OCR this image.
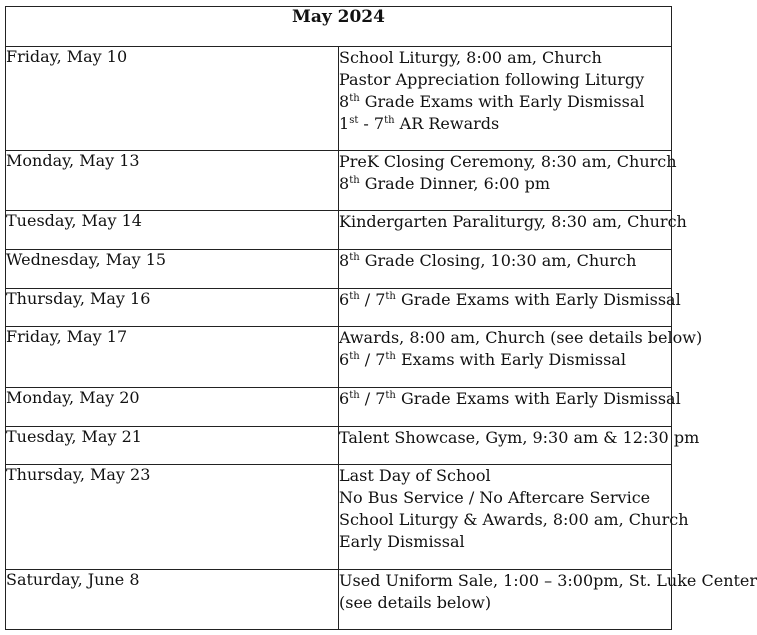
May 2024	
Friday, May 10	School Liturgy, 8:00 am, Church
Pastor Appreciation following Liturgy
8th Grade Exams with Early Dismissal
1st - 7th AR Rewards

Monday, May 13	PreK Closing Ceremony, 8:30 am, Church
8th Grade Dinner, 6:00 pm

Tuesday, May 14	Kindergarten Paraliturgy, 8:30 am, Church

Wednesday, May 15	8th Grade Closing, 10:30 am, Church

Thursday, May 16	6th / 7th Grade Exams with Early Dismissal

Friday, May 17	Awards, 8:00 am, Church (see details below)
6th / 7th Exams with Early Dismissal

Monday, May 20	6th / 7th Grade Exams with Early Dismissal

Tuesday, May 21	Talent Showcase, Gym, 9:30 am & 12:30 pm

Thursday, May 23	Last Day of School
No Bus Service / No Aftercare Service
School Liturgy & Awards, 8:00 am, Church
Early Dismissal

Saturday, June 8	Used Uniform Sale, 1:00 – 3:00pm, St. Luke Center
(see details below)
